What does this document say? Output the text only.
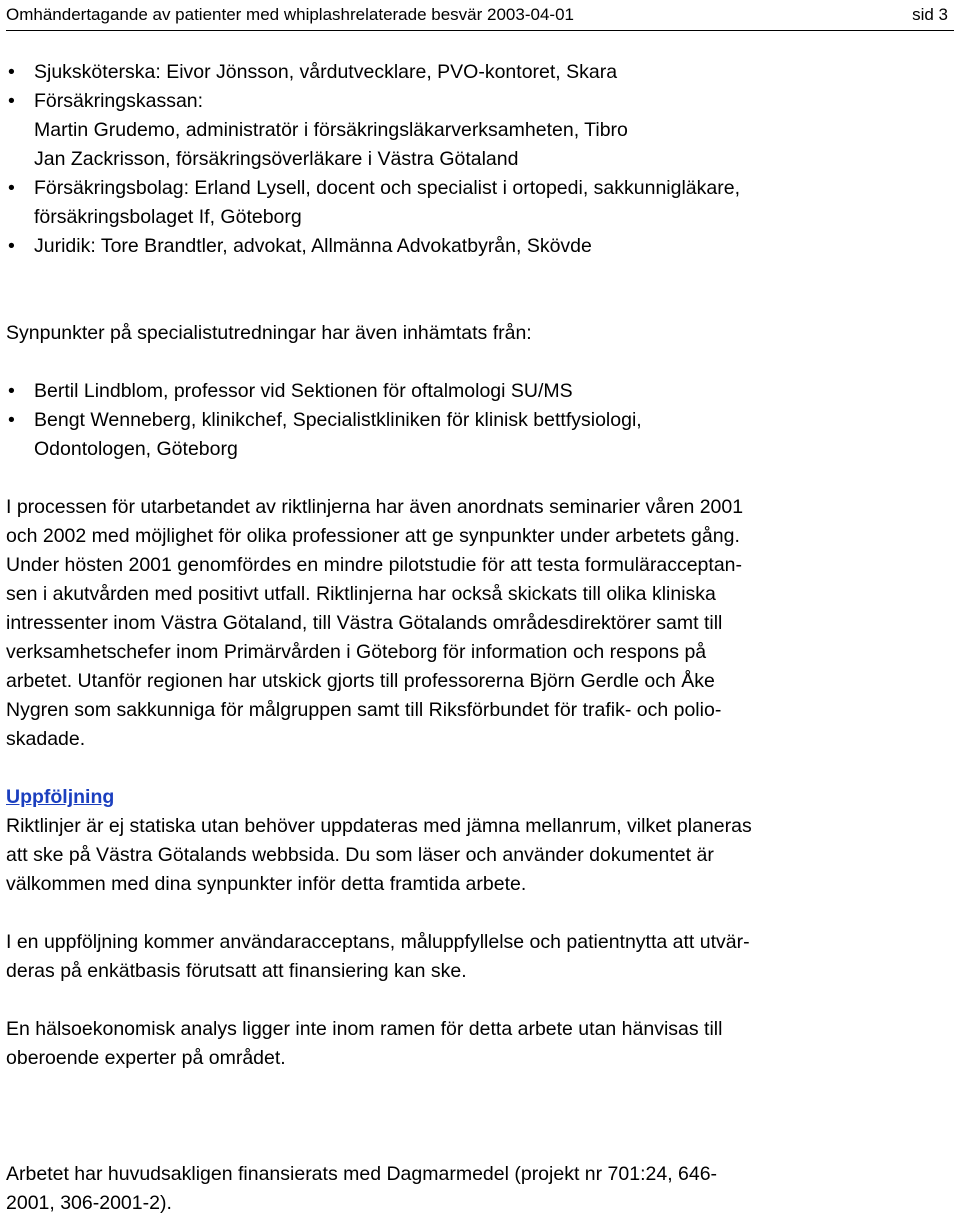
Omhändertagande av patienter med whiplashrelaterade besvär 2003-04-01	sid 3
• Sjuksköterska: Eivor Jönsson, vårdutvecklare, PVO-kontoret, Skara
• Försäkringskassan:
Martin Grudemo, administratör i försäkringsläkarverksamheten, Tibro
Jan Zackrisson, försäkringsöverläkare i Västra Götaland
• Försäkringsbolag: Erland Lysell, docent och specialist i ortopedi, sakkunnigläkare,
försäkringsbolaget If, Göteborg
• Juridik: Tore Brandtler, advokat, Allmänna Advokatbyrån, Skövde

Synpunkter på specialistutredningar har även inhämtats från:

• Bertil Lindblom, professor vid Sektionen för oftalmologi SU/MS
• Bengt Wenneberg, klinikchef, Specialistkliniken för klinisk bettfysiologi,
Odontologen, Göteborg

I processen för utarbetandet av riktlinjerna har även anordnats seminarier våren 2001
och 2002 med möjlighet för olika professioner att ge synpunkter under arbetets gång.
Under hösten 2001 genomfördes en mindre pilotstudie för att testa formuläracceptan-
sen i akutvården med positivt utfall. Riktlinjerna har också skickats till olika kliniska
intressenter inom Västra Götaland, till Västra Götalands områdesdirektörer samt till
verksamhetschefer inom Primärvården i Göteborg för information och respons på
arbetet. Utanför regionen har utskick gjorts till professorerna Björn Gerdle och Åke
Nygren som sakkunniga för målgruppen samt till Riksförbundet för trafik- och polio-
skadade.

Uppföljning

Riktlinjer är ej statiska utan behöver uppdateras med jämna mellanrum, vilket planeras
att ske på Västra Götalands webbsida. Du som läser och använder dokumentet är
välkommen med dina synpunkter inför detta framtida arbete.

I en uppföljning kommer användaracceptans, måluppfyllelse och patientnytta att utvär-
deras på enkätbasis förutsatt att finansiering kan ske.

En hälsoekonomisk analys ligger inte inom ramen för detta arbete utan hänvisas till
oberoende experter på området.

Arbetet har huvudsakligen finansierats med Dagmarmedel (projekt nr 701:24, 646-
2001, 306-2001-2).
